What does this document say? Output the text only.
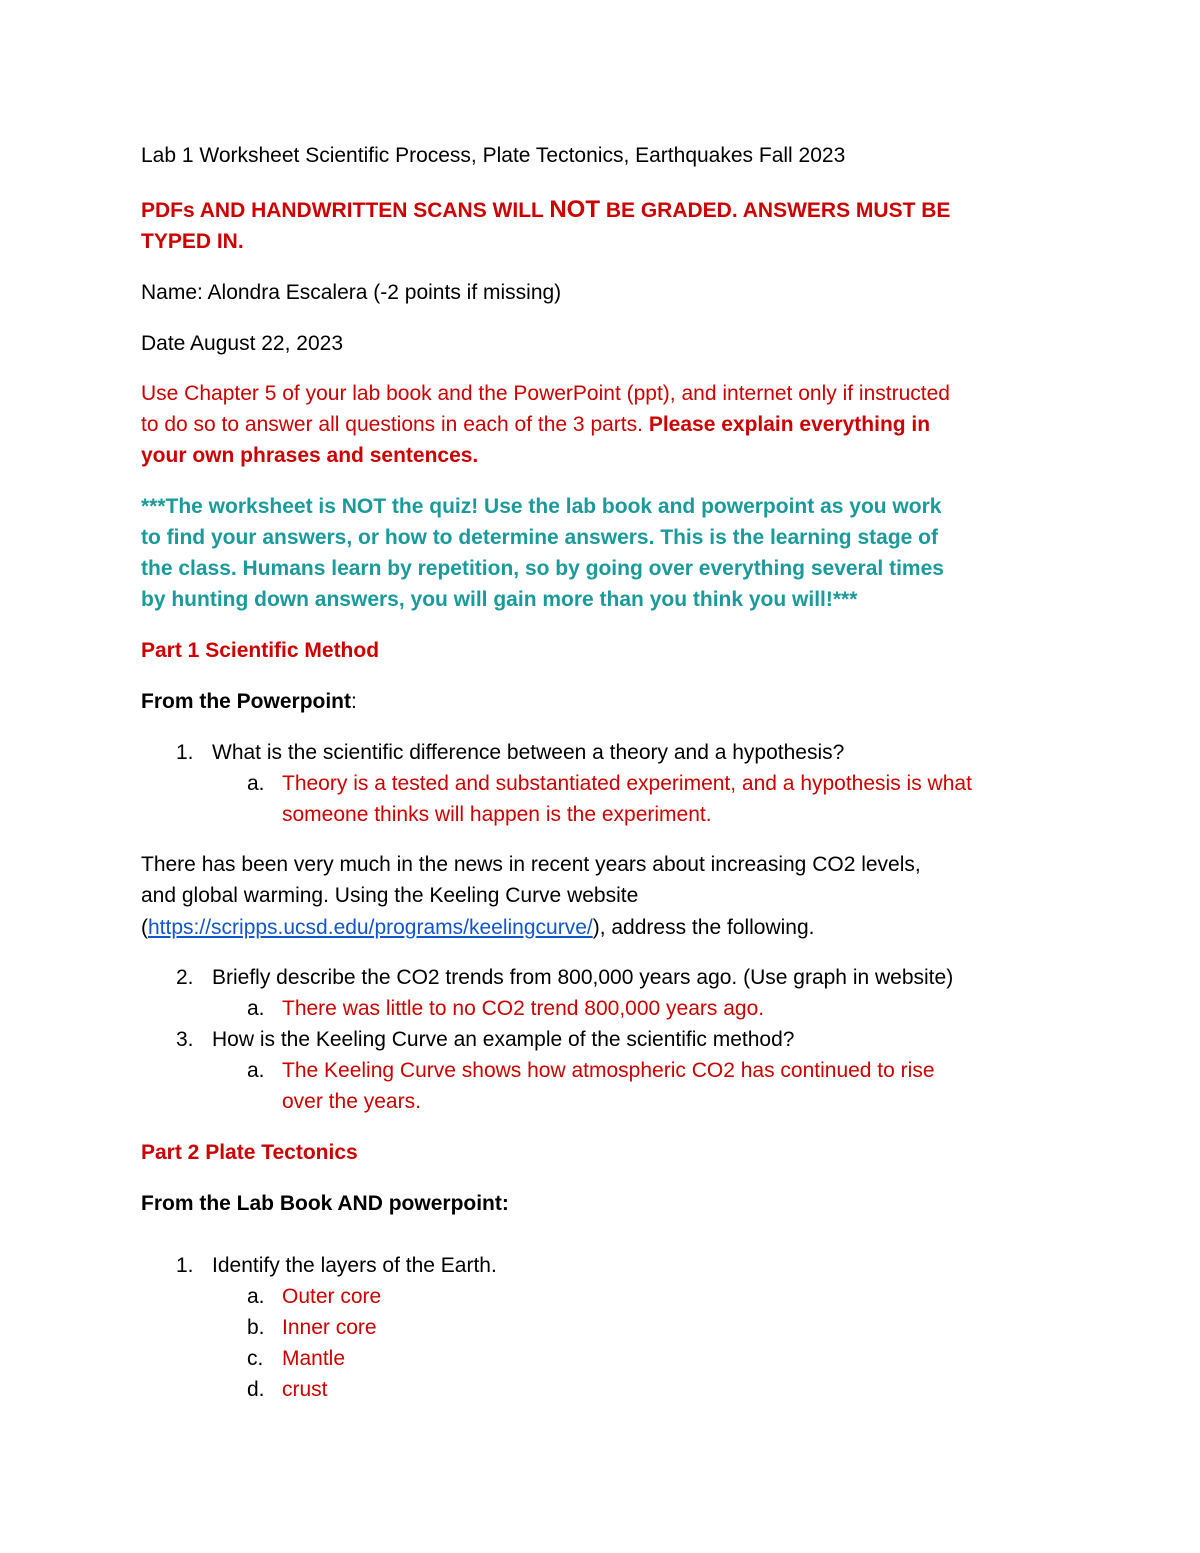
Lab 1 Worksheet Scientific Process, Plate Tectonics, Earthquakes Fall 2023
PDFs AND HANDWRITTEN SCANS WILL NOT BE GRADED. ANSWERS MUST BE
TYPED IN.
Name: Alondra Escalera (-2 points if missing)
Date August 22, 2023
Use Chapter 5 of your lab book and the PowerPoint (ppt), and internet only if instructed
to do so to answer all questions in each of the 3 parts. Please explain everything in
your own phrases and sentences.
***The worksheet is NOT the quiz! Use the lab book and powerpoint as you work
to find your answers, or how to determine answers. This is the learning stage of
the class. Humans learn by repetition, so by going over everything several times
by hunting down answers, you will gain more than you think you will!***
Part 1 Scientific Method
From the Powerpoint:
1. What is the scientific difference between a theory and a hypothesis?
a. Theory is a tested and substantiated experiment, and a hypothesis is what
someone thinks will happen is the experiment.
There has been very much in the news in recent years about increasing CO2 levels,
and global warming. Using the Keeling Curve website
(https://scripps.ucsd.edu/programs/keelingcurve/), address the following.
2. Briefly describe the CO2 trends from 800,000 years ago. (Use graph in website)
a. There was little to no CO2 trend 800,000 years ago.
3. How is the Keeling Curve an example of the scientific method?
a. The Keeling Curve shows how atmospheric CO2 has continued to rise
over the years.
Part 2 Plate Tectonics
From the Lab Book AND powerpoint:
1. Identify the layers of the Earth.
a. Outer core
b. Inner core
c. Mantle
d. crust
